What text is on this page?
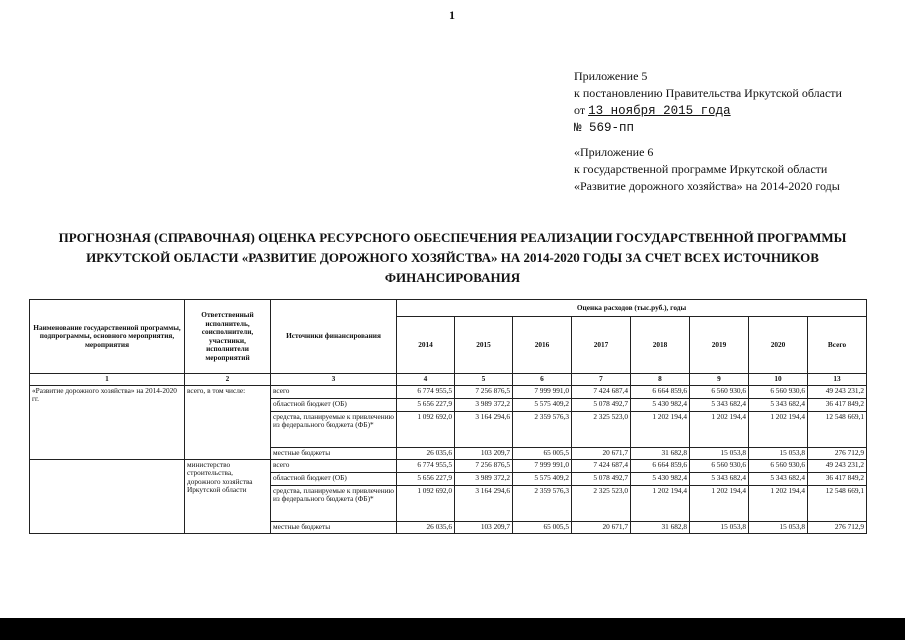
1
Приложение 5
к постановлению Правительства Иркутской области
от 13 ноября 2015 года
№ 569-пп
«Приложение 6
к государственной программе Иркутской области
«Развитие дорожного хозяйства» на 2014-2020 годы
ПРОГНОЗНАЯ (СПРАВОЧНАЯ) ОЦЕНКА РЕСУРСНОГО ОБЕСПЕЧЕНИЯ РЕАЛИЗАЦИИ ГОСУДАРСТВЕННОЙ ПРОГРАММЫ ИРКУТСКОЙ ОБЛАСТИ «РАЗВИТИЕ ДОРОЖНОГО ХОЗЯЙСТВА» НА 2014-2020 ГОДЫ ЗА СЧЕТ ВСЕХ ИСТОЧНИКОВ ФИНАНСИРОВАНИЯ
Наименование государственной программы, подпрограммы, основного мероприятия, мероприятия	Ответственный исполнитель, соисполнители, участники, исполнители мероприятий	Источники финансирования	Оценка расходов (тыс.руб.), годы							
			2014	2015	2016	2017	2018	2019	2020	Всего
1	2	3	4	5	6	7	8	9	10	13
«Развитие дорожного хозяйства» на 2014-2020 гг.	всего, в том числе:	всего	6 774 955,5	7 256 876,5	7 999 991,0	7 424 687,4	6 664 859,6	6 560 930,6	6 560 930,6	49 243 231,2
		областной бюджет (ОБ)	5 656 227,9	3 989 372,2	5 575 409,2	5 078 492,7	5 430 982,4	5 343 682,4	5 343 682,4	36 417 849,2
		средства, планируемые к привлечению из федерального бюджета (ФБ)*	1 092 692,0	3 164 294,6	2 359 576,3	2 325 523,0	1 202 194,4	1 202 194,4	1 202 194,4	12 548 669,1
		местные бюджеты	26 035,6	103 209,7	65 005,5	20 671,7	31 682,8	15 053,8	15 053,8	276 712,9
	министерство строительства, дорожного хозяйства Иркутской области	всего	6 774 955,5	7 256 876,5	7 999 991,0	7 424 687,4	6 664 859,6	6 560 930,6	6 560 930,6	49 243 231,2
		областной бюджет (ОБ)	5 656 227,9	3 989 372,2	5 575 409,2	5 078 492,7	5 430 982,4	5 343 682,4	5 343 682,4	36 417 849,2
		средства, планируемые к привлечению из федерального бюджета (ФБ)*	1 092 692,0	3 164 294,6	2 359 576,3	2 325 523,0	1 202 194,4	1 202 194,4	1 202 194,4	12 548 669,1
		местные бюджеты	26 035,6	103 209,7	65 005,5	20 671,7	31 682,8	15 053,8	15 053,8	276 712,9
